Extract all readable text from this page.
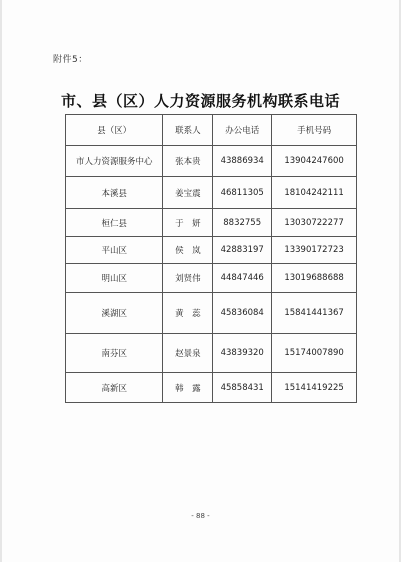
附件5：
市、县（区）人力资源服务机构联系电话
县（区）	联系人	办公电话	手机号码
市人力资源服务中心	张本贵	43886934	13904247600
本溪县	姜宝震	46811305	18104242111
桓仁县	于　妍	8832755	13030722277
平山区	侯　岚	42883197	13390172723
明山区	刘贤伟	44847446	13019688688
溪湖区	黄　蕊	45836084	15841441367
南芬区	赵景泉	43839320	15174007890
高新区	韩　露	45858431	15141419225
- 88 -
